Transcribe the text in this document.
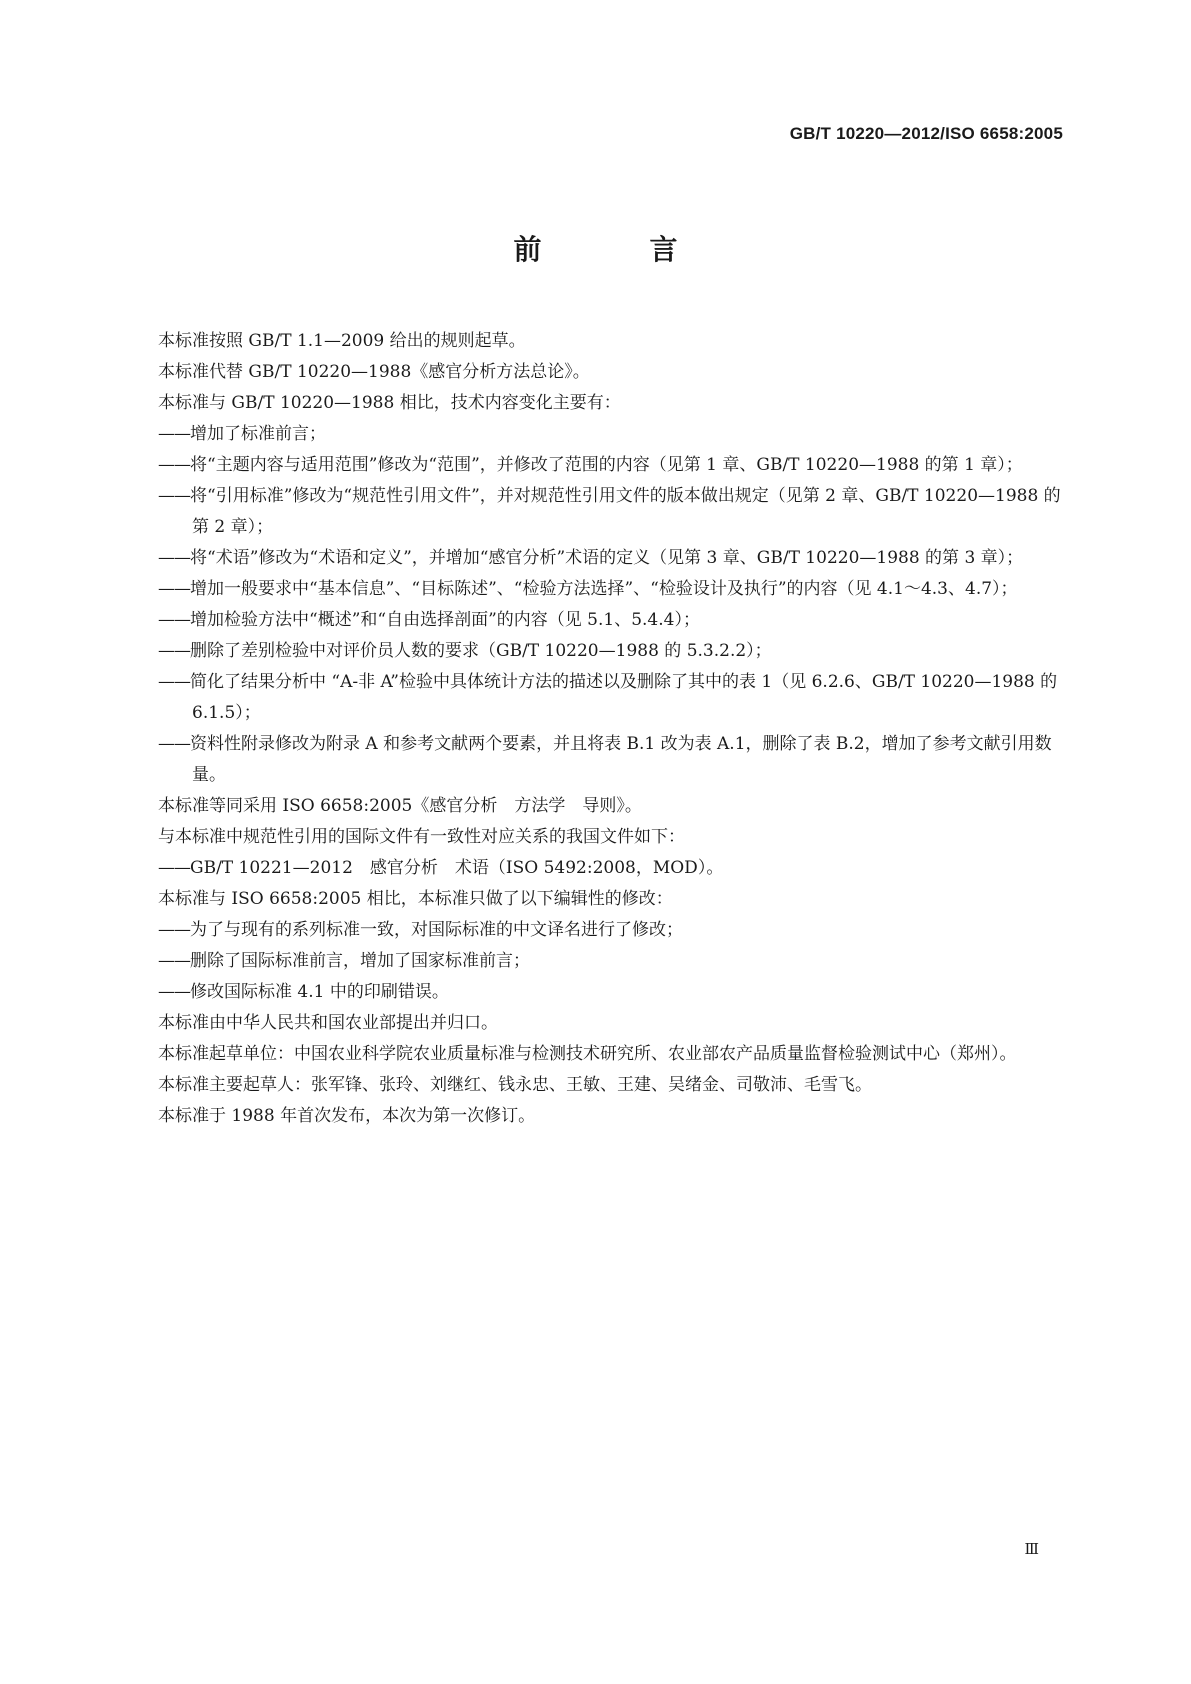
GB/T 10220—2012/ISO 6658:2005
前　言

本标准按照 GB/T 1.1—2009 给出的规则起草。

本标准代替 GB/T 10220—1988《感官分析方法总论》。

本标准与 GB/T 10220—1988 相比，技术内容变化主要有：

——增加了标准前言；

——将“主题内容与适用范围”修改为“范围”，并修改了范围的内容（见第 1 章、GB/T 10220—1988 的第 1 章）；

——将“引用标准”修改为“规范性引用文件”，并对规范性引用文件的版本做出规定（见第 2 章、GB/T 10220—1988 的第 2 章）；

——将“术语”修改为“术语和定义”，并增加“感官分析”术语的定义（见第 3 章、GB/T 10220—1988 的第 3 章）；

——增加一般要求中“基本信息”、“目标陈述”、“检验方法选择”、“检验设计及执行”的内容（见 4.1～4.3、4.7）；

——增加检验方法中“概述”和“自由选择剖面”的内容（见 5.1、5.4.4）；

——删除了差别检验中对评价员人数的要求（GB/T 10220—1988 的 5.3.2.2）；

——简化了结果分析中 “A-非 A”检验中具体统计方法的描述以及删除了其中的表 1（见 6.2.6、GB/T 10220—1988 的 6.1.5）；

——资料性附录修改为附录 A 和参考文献两个要素，并且将表 B.1 改为表 A.1，删除了表 B.2，增加了参考文献引用数量。

本标准等同采用 ISO 6658:2005《感官分析　方法学　导则》。

与本标准中规范性引用的国际文件有一致性对应关系的我国文件如下：

——GB/T 10221—2012　感官分析　术语（ISO 5492:2008，MOD）。

本标准与 ISO 6658:2005 相比，本标准只做了以下编辑性的修改：

——为了与现有的系列标准一致，对国际标准的中文译名进行了修改；

——删除了国际标准前言，增加了国家标准前言；

——修改国际标准 4.1 中的印刷错误。

本标准由中华人民共和国农业部提出并归口。

本标准起草单位：中国农业科学院农业质量标准与检测技术研究所、农业部农产品质量监督检验测试中心（郑州）。

本标准主要起草人：张军锋、张玲、刘继红、钱永忠、王敏、王建、吴绪金、司敬沛、毛雪飞。

本标准于 1988 年首次发布，本次为第一次修订。

Ⅲ
